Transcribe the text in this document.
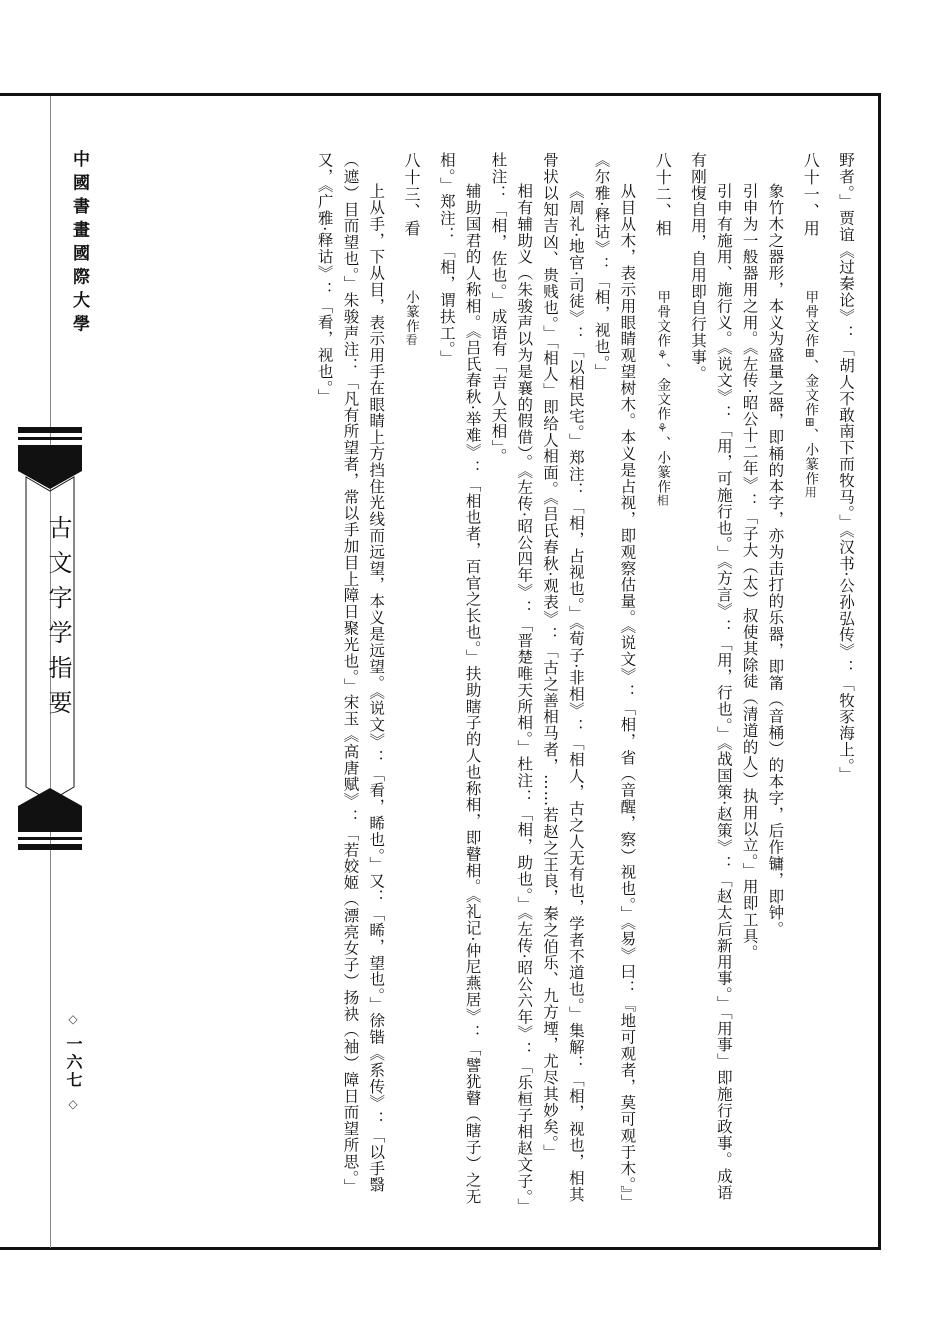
中國書畫國際大學
古文字学指要
◇ 一六七 ◇

野者。」贾谊《过秦论》：「胡人不敢南下而牧马。」《汉书·公孙弘传》：「牧豕海上。」

八十一、用 甲骨文作⊞、金文作⊞、小篆作用

象竹木之器形，本义为盛量之器，即桶的本字，亦为击打的乐器，即筩（音桶）的本字，后作镛，即钟。

引申为一般器用之用。《左传·昭公十二年》：「子大（太）叔使其除徒（清道的人）执用以立。」用即工具。

引申有施用、施行义。《说文》：「用，可施行也。」《方言》：「用，行也。」《战国策·赵策》：「赵太后新用事。」「用事」即施行政事。成语有刚愎自用，自用即自行其事。

八十二、相 甲骨文作⚘、金文作⚘、小篆作相

从目从木，表示用眼睛观望树木。本义是占视，即观察估量。《说文》：「相，省（音醒，察）视也。」《易》曰：『地可观者，莫可观于木。』」《尔雅·释诂》：「相，视也。」

《周礼·地官·司徒》：「以相民宅。」郑注：「相，占视也。」《荀子·非相》：「相人，古之人无有也，学者不道也。」集解：「相，视也，相其骨状以知吉凶、贵贱也。」「相人」即给人相面。《吕氏春秋·观表》：「古之善相马者，……若赵之王良，秦之伯乐、九方堙，尤尽其妙矣。」

相有辅助义（朱骏声以为是襄的假借）。《左传·昭公四年》：「晋楚唯天所相。」杜注：「相，助也。」《左传·昭公六年》：「乐桓子相赵文子。」杜注：「相，佐也。」成语有「吉人天相」。

辅助国君的人称相。《吕氏春秋·举难》：「相也者，百官之长也。」扶助瞎子的人也称相，即瞽相。《礼记·仲尼燕居》：「譬犹瞽（瞎子）之无相。」郑注：「相，谓扶工。」

八十三、看 小篆作看

上从手，下从目，表示用手在眼睛上方挡住光线而远望，本义是远望。《说文》：「看，睎也。」又：「睎，望也。」徐锴《系传》：「以手翳（遮）目而望也。」朱骏声注：「凡有所望者，常以手加目上障日聚光也。」宋玉《高唐赋》：「若姣姬（漂亮女子）扬袂（袖）障日而望所思。」又，《广雅·释诂》：「看，视也。」
